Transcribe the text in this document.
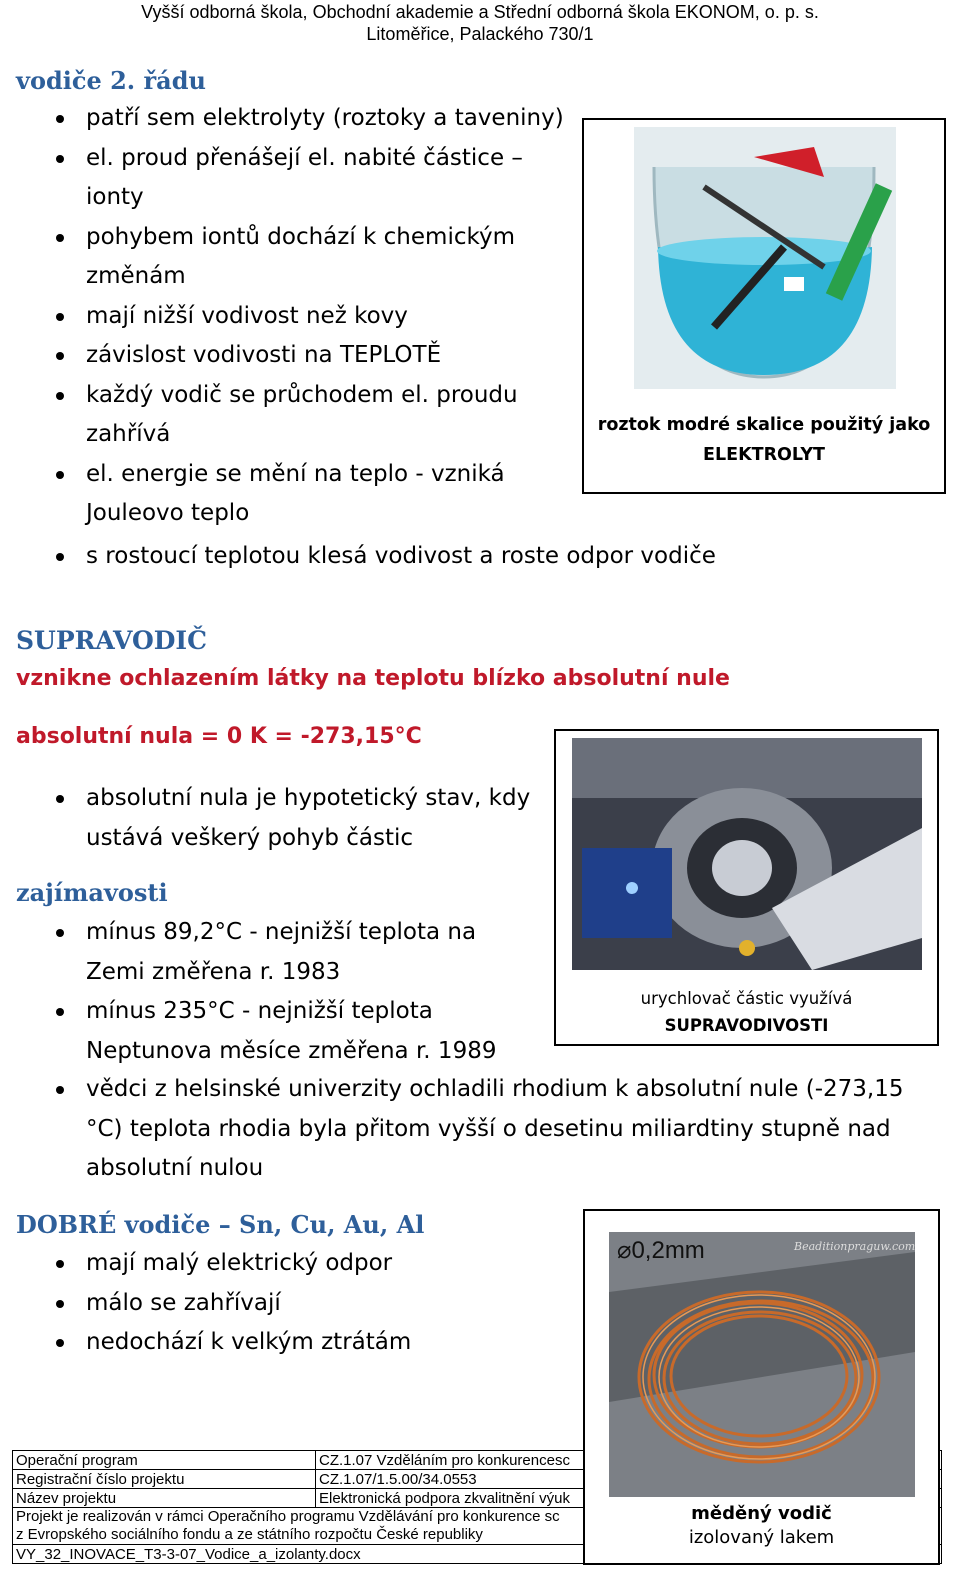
Vyšší odborná škola, Obchodní akademie a Střední odborná škola EKONOM, o. p. s.
Litoměřice, Palackého 730/1
vodiče 2. řádu
patří sem elektrolyty (roztoky a taveniny)
el. proud přenášejí el. nabité částice – ionty
pohybem iontů dochází k chemickým změnám
mají nižší vodivost než kovy
závislost vodivosti na TEPLOTĚ
každý vodič se průchodem el. proudu zahřívá
el. energie se mění na teplo - vzniká Jouleovo teplo
s rostoucí teplotou klesá vodivost a roste odpor vodiče
roztok modré skalice použitý jako
ELEKTROLYT
SUPRAVODIČ
vznikne ochlazením látky na teplotu blízko absolutní nule
absolutní nula = 0 K = -273,15°C
absolutní nula je hypotetický stav, kdy ustává veškerý pohyb částic
zajímavosti
mínus 89,2°C - nejnižší teplota na Zemi změřena r. 1983
mínus 235°C - nejnižší teplota Neptunova měsíce změřena r. 1989
vědci z helsinské univerzity ochladili rhodium k absolutní nule (-273,15 °C) teplota rhodia byla přitom vyšší o desetinu miliardtiny stupně nad absolutní nulou
urychlovač částic využívá
SUPRAVODIVOSTI
DOBRÉ vodiče – Sn, Cu, Au, Al
mají malý elektrický odpor
málo se zahřívají
nedochází k velkým ztrátám
Operační program	CZ.1.07 Vzděláním pro konkurencesc
Registrační číslo projektu	CZ.1.07/1.5.00/34.0553
Název projektu	Elektronická podpora zkvalitnění výuk

Projekt je realizován v rámci Operačního programu Vzdělávání pro konkurence sc
z Evropského sociálního fondu a ze státního rozpočtu České republiky	

VY_32_INOVACE_T3-3-07_Vodice_a_izolanty.docx	
⌀0,2mm	Beaditionpraguw.com
měděný vodič
izolovaný lakem
